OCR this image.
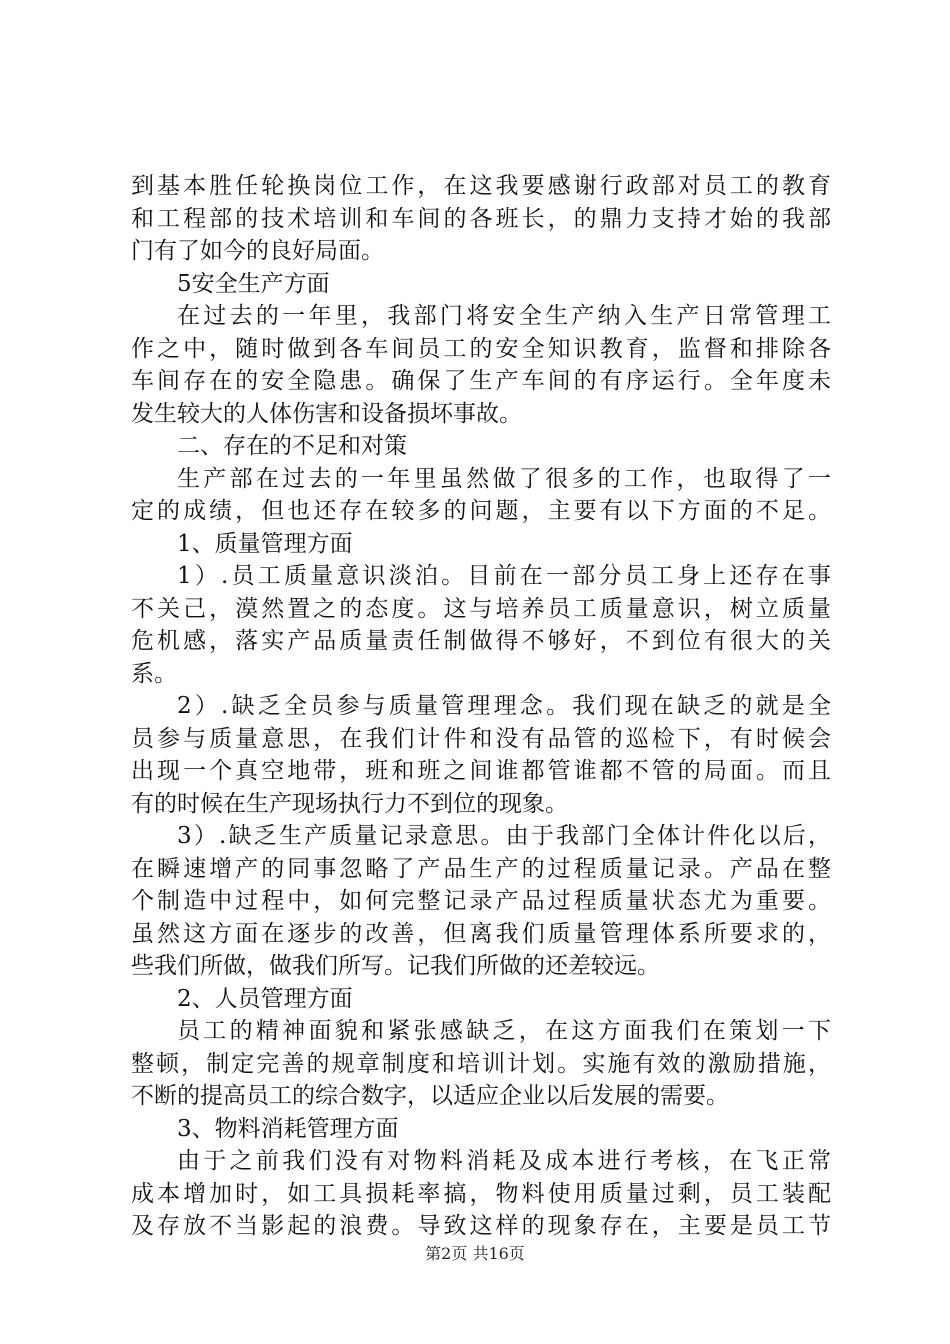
到基本胜任轮换岗位工作，在这我要感谢行政部对员工的教育
和工程部的技术培训和车间的各班长，的鼎力支持才始的我部
门有了如今的良好局面。
5安全生产方面
在过去的一年里，我部门将安全生产纳入生产日常管理工
作之中，随时做到各车间员工的安全知识教育，监督和排除各
车间存在的安全隐患。确保了生产车间的有序运行。全年度未
发生较大的人体伤害和设备损坏事故。
二、存在的不足和对策
生产部在过去的一年里虽然做了很多的工作，也取得了一
定的成绩，但也还存在较多的问题，主要有以下方面的不足。
1、质量管理方面
1）.员工质量意识淡泊。目前在一部分员工身上还存在事
不关己，漠然置之的态度。这与培养员工质量意识，树立质量
危机感，落实产品质量责任制做得不够好，不到位有很大的关
系。
2）.缺乏全员参与质量管理理念。我们现在缺乏的就是全
员参与质量意思，在我们计件和没有品管的巡检下，有时候会
出现一个真空地带，班和班之间谁都管谁都不管的局面。而且
有的时候在生产现场执行力不到位的现象。
3）.缺乏生产质量记录意思。由于我部门全体计件化以后，
在瞬速增产的同事忽略了产品生产的过程质量记录。产品在整
个制造中过程中，如何完整记录产品过程质量状态尤为重要。
虽然这方面在逐步的改善，但离我们质量管理体系所要求的，
些我们所做，做我们所写。记我们所做的还差较远。
2、人员管理方面
员工的精神面貌和紧张感缺乏，在这方面我们在策划一下
整顿，制定完善的规章制度和培训计划。实施有效的激励措施，
不断的提高员工的综合数字，以适应企业以后发展的需要。
3、物料消耗管理方面
由于之前我们没有对物料消耗及成本进行考核，在飞正常
成本增加时，如工具损耗率搞，物料使用质量过剩，员工装配
及存放不当影起的浪费。导致这样的现象存在，主要是员工节
第2页 共16页
